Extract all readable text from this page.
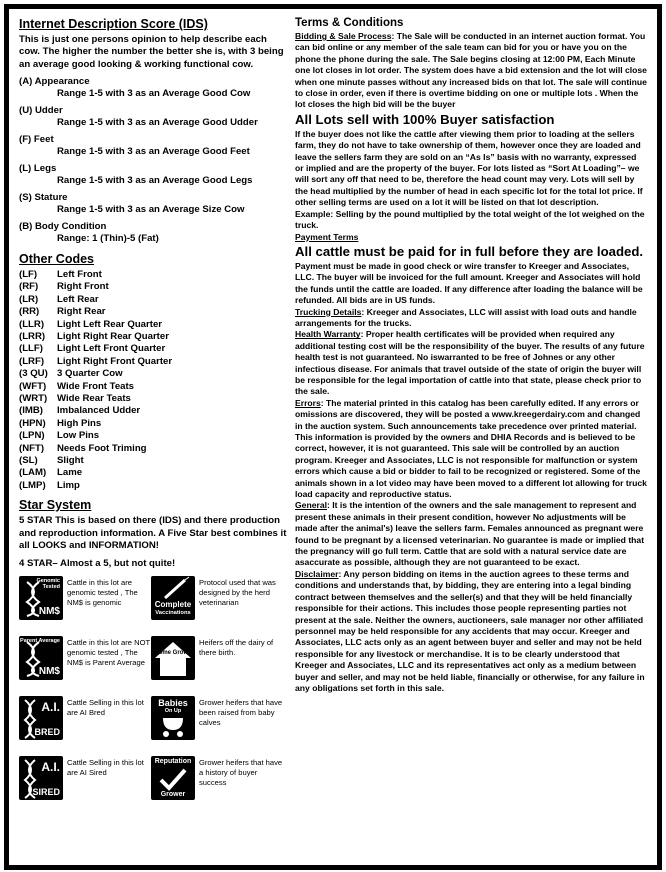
Internet Description Score (IDS)

This is just one persons opinion to help describe each cow. The higher the number the better she is, with 3 being an average good looking & working functional cow.

(A) Appearance
Range 1-5 with 3 as an Average Good Cow
(U) Udder
Range 1-5 with 3 as an Average Good Udder
(F) Feet
Range 1-5 with 3 as an Average Good Feet
(L) Legs
Range 1-5 with 3 as an Average Good Legs
(S) Stature
Range 1-5 with 3 as an Average Size Cow
(B) Body Condition
Range: 1 (Thin)-5 (Fat)
Other Codes
(LF)	Left Front
(RF)	Right Front
(LR)	Left Rear
(RR)	Right Rear
(LLR)	Light Left Rear Quarter
(LRR)	Light Right Rear Quarter
(LLF)	Light Left Front Quarter
(LRF)	Light Right Front Quarter
(3 QU) 3 Quarter Cow
(WFT)	Wide Front Teats
(WRT)	Wide Rear Teats
(IMB)	Imbalanced Udder
(HPN)	High Pins
(LPN)	Low Pins
(NFT)	Needs Foot Triming
(SL)	Slight
(LAM)	Lame
(LMP)	Limp
Star System

5 STAR This is based on there (IDS) and there production and reproduction information. A Five Star best combines it all LOOKS and INFORMATION!

4 STAR– Almost a 5, but not quite!

Genomic Tested
NM$
Cattle in this lot are genomic tested , The NM$ is genomic	Complete
Vaccinations
Protocol used that was designed by the herd veterinarian
Parent Average
NM$
Cattle in this lot are NOT genomic tested , The NM$ is Parent Average
Home Grown
Heifers off the dairy of there birth.
A.I.
BRED
Cattle Selling in this lot are AI Bred
Babies
On Up
Grower heifers that have been raised from baby calves
A.I.
SIRED
Cattle Selling in this lot are AI Sired
Reputation
Grower
Grower heifers that have a history of buyer success
Terms & Conditions

Bidding & Sale Process: The Sale will be conducted in an internet auction format. You can bid online or any member of the sale team can bid for you or have you on the phone the phone during the sale. The Sale begins closing at 12:00 PM, Each Minute one lot closes in lot order. The system does have a bid extension and the lot will close when one minute passes without any increased bids on that lot. The sale will continue to close in order, even if there is overtime bidding on one or multiple lots . When the lot closes the high bid will be the buyer

All Lots sell with 100% Buyer satisfaction

If the buyer does not like the cattle after viewing them prior to loading at the sellers farm, they do not have to take ownership of them, however once they are loaded and leave the sellers farm they are sold on an “As Is” basis with no warranty, expressed or implied and are the property of the buyer. For lots listed as “Sort At Loading”– we will sort any off that need to be, therefore the head count may very. Lots will sell by the head multiplied by the number of head in each specific lot for the total lot price. If other selling terms are used on a lot it will be listed on that lot description.

Example: Selling by the pound multiplied by the total weight of the lot weighed on the truck.

Payment Terms

All cattle must be paid for in full before they are loaded.

Payment must be made in good check or wire transfer to Kreeger and Associates, LLC. The buyer will be invoiced for the full amount. Kreeger and Associates will hold the funds until the cattle are loaded. If any difference after loading the balance will be refunded. All bids are in US funds.

Trucking Details: Kreeger and Associates, LLC will assist with load outs and handle arrangements for the trucks.

Health Warranty: Proper health certificates will be provided when required any additional testing cost will be the responsibility of the buyer. The results of any future health test is not guaranteed. No iswarranted to be free of Johnes or any other infectious disease. For animals that travel outside of the state of origin the buyer will be responsible for the legal importation of cattle into that state, please check prior to the sale.

Errors: The material printed in this catalog has been carefully edited. If any errors or omissions are discovered, they will be posted a www.kreegerdairy.com and changed in the auction system. Such announcements take precedence over printed material. This information is provided by the owners and DHIA Records and is believed to be correct, however, it is not guaranteed. This sale will be controlled by an auction program. Kreeger and Associates, LLC is not responsible for malfunction or system errors which cause a bid or bidder to fail to be recognized or registered. Some of the animals shown in a lot video may have been moved to a different lot allowing for truck load capacity and reproductive status.

General: It is the intention of the owners and the sale management to represent and present these animals in their present condition, however No adjustments will be made after the animal's) leave the sellers farm. Females announced as pregnant were found to be pregnant by a licensed veterinarian. No guarantee is made or implied that the pregnancy will go full term. Cattle that are sold with a natural service date are asaccurate as possible, although they are not guaranteed to be exact.

Disclaimer: Any person bidding on items in the auction agrees to these terms and conditions and understands that, by bidding, they are entering into a legal binding contract between themselves and the seller(s) and that they will be held financially responsible for their actions. This includes those people representing parties not present at the sale. Neither the owners, auctioneers, sale manager nor other affiliated personnel may be held responsible for any accidents that may occur. Kreeger and Associates, LLC acts only as an agent between buyer and seller and may not be held responsible for any livestock or merchandise. It is to be clearly understood that Kreeger and Associates, LLC and its representatives act only as a medium between buyer and seller, and may not be held liable, financially or otherwise, for any failure in any obligations set forth in this sale.
